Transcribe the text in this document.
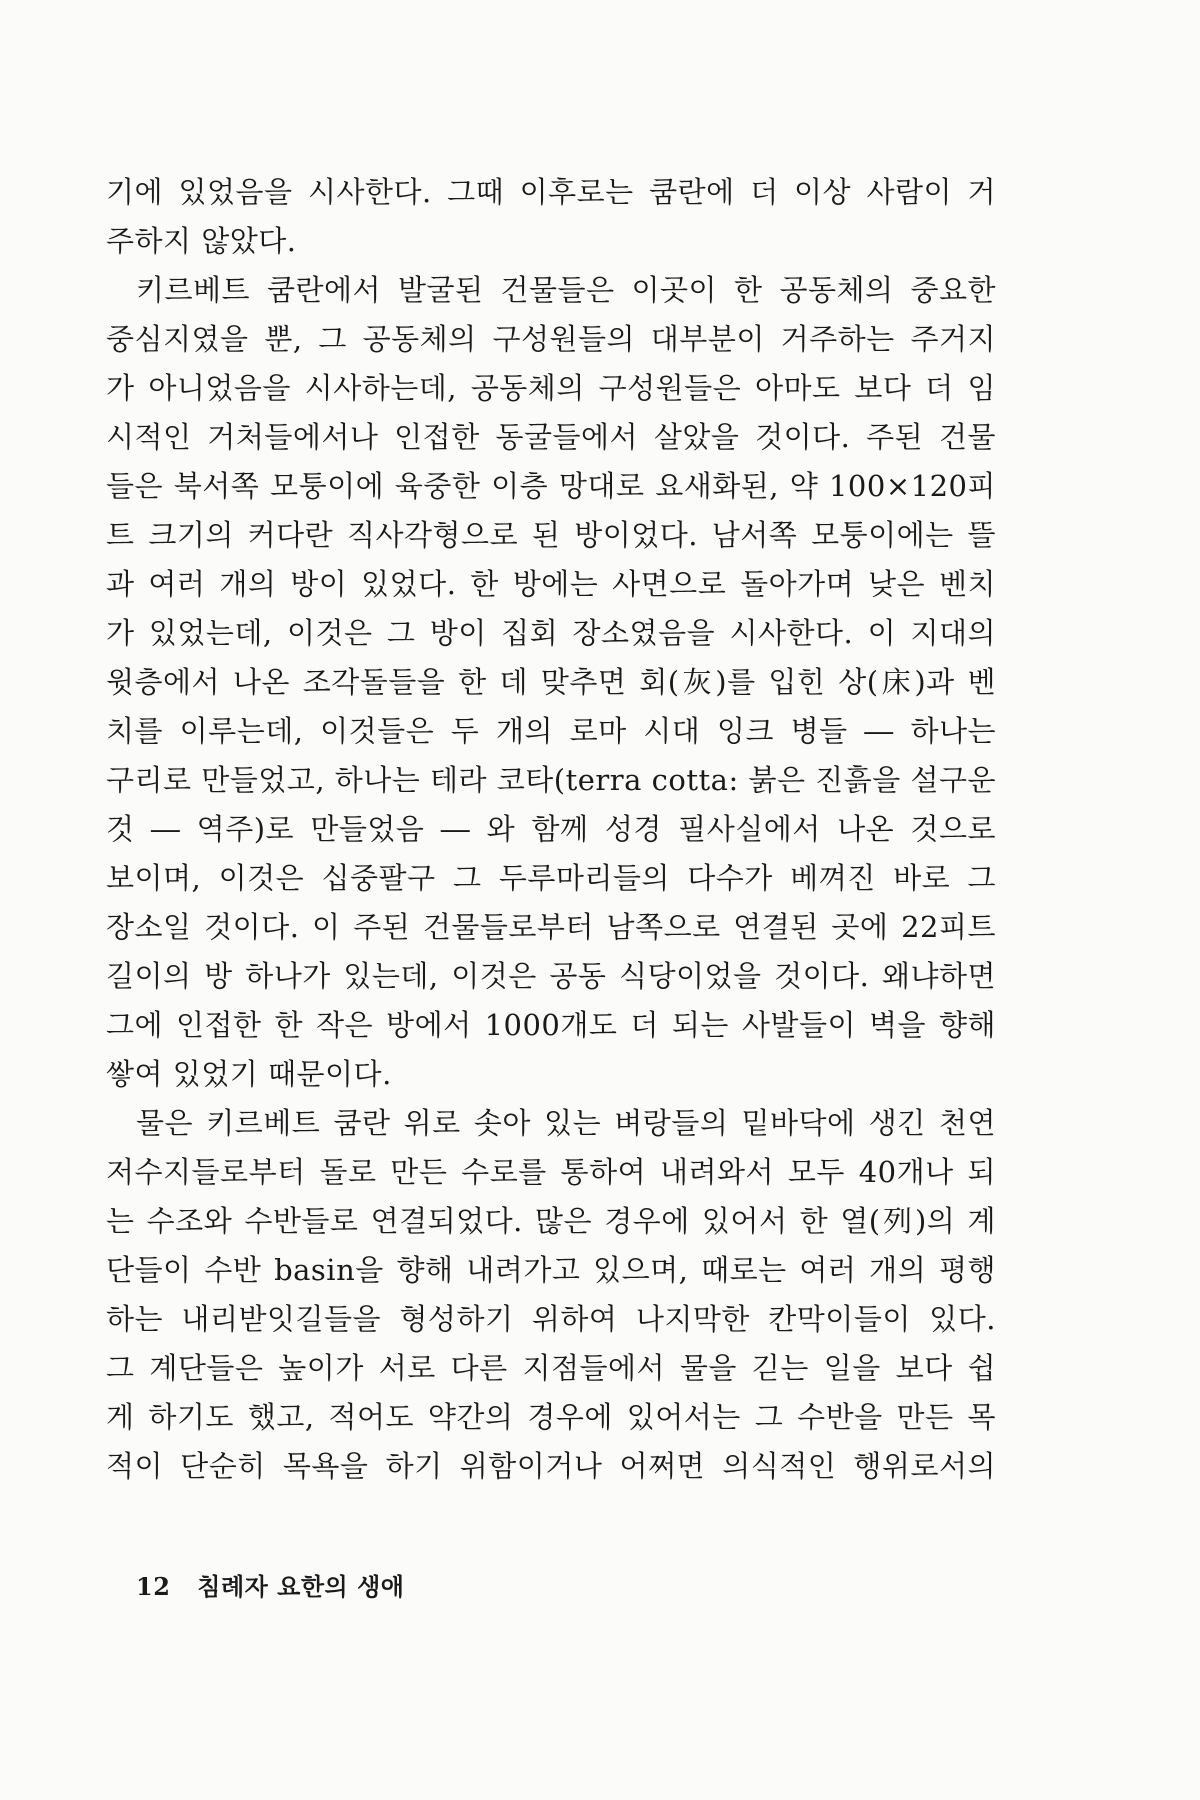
기에 있었음을 시사한다. 그때 이후로는 쿰란에 더 이상 사람이 거
주하지 않았다.
키르베트 쿰란에서 발굴된 건물들은 이곳이 한 공동체의 중요한
중심지였을 뿐, 그 공동체의 구성원들의 대부분이 거주하는 주거지
가 아니었음을 시사하는데, 공동체의 구성원들은 아마도 보다 더 임
시적인 거처들에서나 인접한 동굴들에서 살았을 것이다. 주된 건물
들은 북서쪽 모퉁이에 육중한 이층 망대로 요새화된, 약 100×120피
트 크기의 커다란 직사각형으로 된 방이었다. 남서쪽 모퉁이에는 뜰
과 여러 개의 방이 있었다. 한 방에는 사면으로 돌아가며 낮은 벤치
가 있었는데, 이것은 그 방이 집회 장소였음을 시사한다. 이 지대의
윗층에서 나온 조각돌들을 한 데 맞추면 회(灰)를 입힌 상(床)과 벤
치를 이루는데, 이것들은 두 개의 로마 시대 잉크 병들 ― 하나는
구리로 만들었고, 하나는 테라 코타(terra cotta: 붉은 진흙을 설구운
것 ― 역주)로 만들었음 ― 와 함께 성경 필사실에서 나온 것으로
보이며, 이것은 십중팔구 그 두루마리들의 다수가 베껴진 바로 그
장소일 것이다. 이 주된 건물들로부터 남쪽으로 연결된 곳에 22피트
길이의 방 하나가 있는데, 이것은 공동 식당이었을 것이다. 왜냐하면
그에 인접한 한 작은 방에서 1000개도 더 되는 사발들이 벽을 향해
쌓여 있었기 때문이다.
물은 키르베트 쿰란 위로 솟아 있는 벼랑들의 밑바닥에 생긴 천연
저수지들로부터 돌로 만든 수로를 통하여 내려와서 모두 40개나 되
는 수조와 수반들로 연결되었다. 많은 경우에 있어서 한 열(列)의 계
단들이 수반 basin을 향해 내려가고 있으며, 때로는 여러 개의 평행
하는 내리받잇길들을 형성하기 위하여 나지막한 칸막이들이 있다.
그 계단들은 높이가 서로 다른 지점들에서 물을 긷는 일을 보다 쉽
게 하기도 했고, 적어도 약간의 경우에 있어서는 그 수반을 만든 목
적이 단순히 목욕을 하기 위함이거나 어쩌면 의식적인 행위로서의
12 침례자 요한의 생애
